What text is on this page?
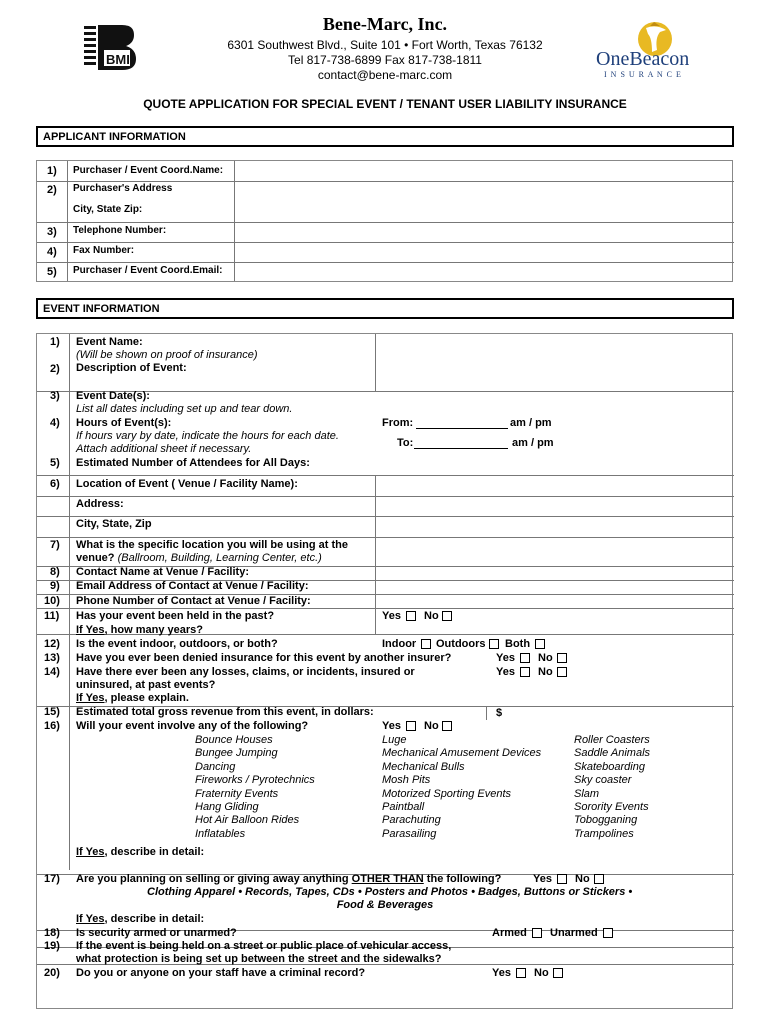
BMI
Bene-Marc, Inc.
6301 Southwest Blvd., Suite 101 • Fort Worth, Texas 76132
Tel 817-738-6899 Fax 817-738-1811
contact@bene-marc.com
OneBeacon
I N S U R A N C E
QUOTE APPLICATION FOR SPECIAL EVENT / TENANT USER LIABILITY INSURANCE
APPLICANT INFORMATION
1) Purchaser / Event Coord.Name:
2) Purchaser's Address
City, State Zip:
3) Telephone Number:
4) Fax Number:
5) Purchaser / Event Coord.Email:
EVENT INFORMATION
1) Event Name:
(Will be shown on proof of insurance)
2) Description of Event:
3) Event Date(s):
List all dates including set up and tear down.
4) Hours of Event(s):
If hours vary by date, indicate the hours for each date.
Attach additional sheet if necessary.
5) Estimated Number of Attendees for All Days:
From:	am / pm
To:	am / pm
6) Location of Event ( Venue / Facility Name):
Address:
City, State, Zip
7) What is the specific location you will be using at the
venue? (Ballroom, Building, Learning Center, etc.)
8) Contact Name at Venue / Facility:
9) Email Address of Contact at Venue / Facility:
10) Phone Number of Contact at Venue / Facility:
11) Has your event been held in the past?
If Yes, how many years?
Yes No
12) Is the event indoor, outdoors, or both?	Indoor Outdoors Both
13) Have you ever been denied insurance for this event by another insurer?	Yes No
14) Have there ever been any losses, claims, or incidents, insured or
uninsured, at past events?
If Yes, please explain.
Yes No
15) Estimated total gross revenue from this event, in dollars:	$
16) Will your event involve any of the following?	Yes No
Bounce Houses
Bungee Jumping
Dancing
Fireworks / Pyrotechnics
Fraternity Events
Hang Gliding
Hot Air Balloon Rides
Inflatables
Luge
Mechanical Amusement Devices
Mechanical Bulls
Mosh Pits
Motorized Sporting Events
Paintball
Parachuting
Parasailing
Roller Coasters
Saddle Animals
Skateboarding
Sky coaster
Slam
Sorority Events
Tobogganing
Trampolines
If Yes, describe in detail:
17) Are you planning on selling or giving away anything OTHER THAN the following?	Yes No
Clothing Apparel • Records, Tapes, CDs • Posters and Photos • Badges, Buttons or Stickers •
Food & Beverages
If Yes, describe in detail:
18) Is security armed or unarmed?	Armed Unarmed
19) If the event is being held on a street or public place of vehicular access,
what protection is being set up between the street and the sidewalks?
20) Do you or anyone on your staff have a criminal record?	Yes No
